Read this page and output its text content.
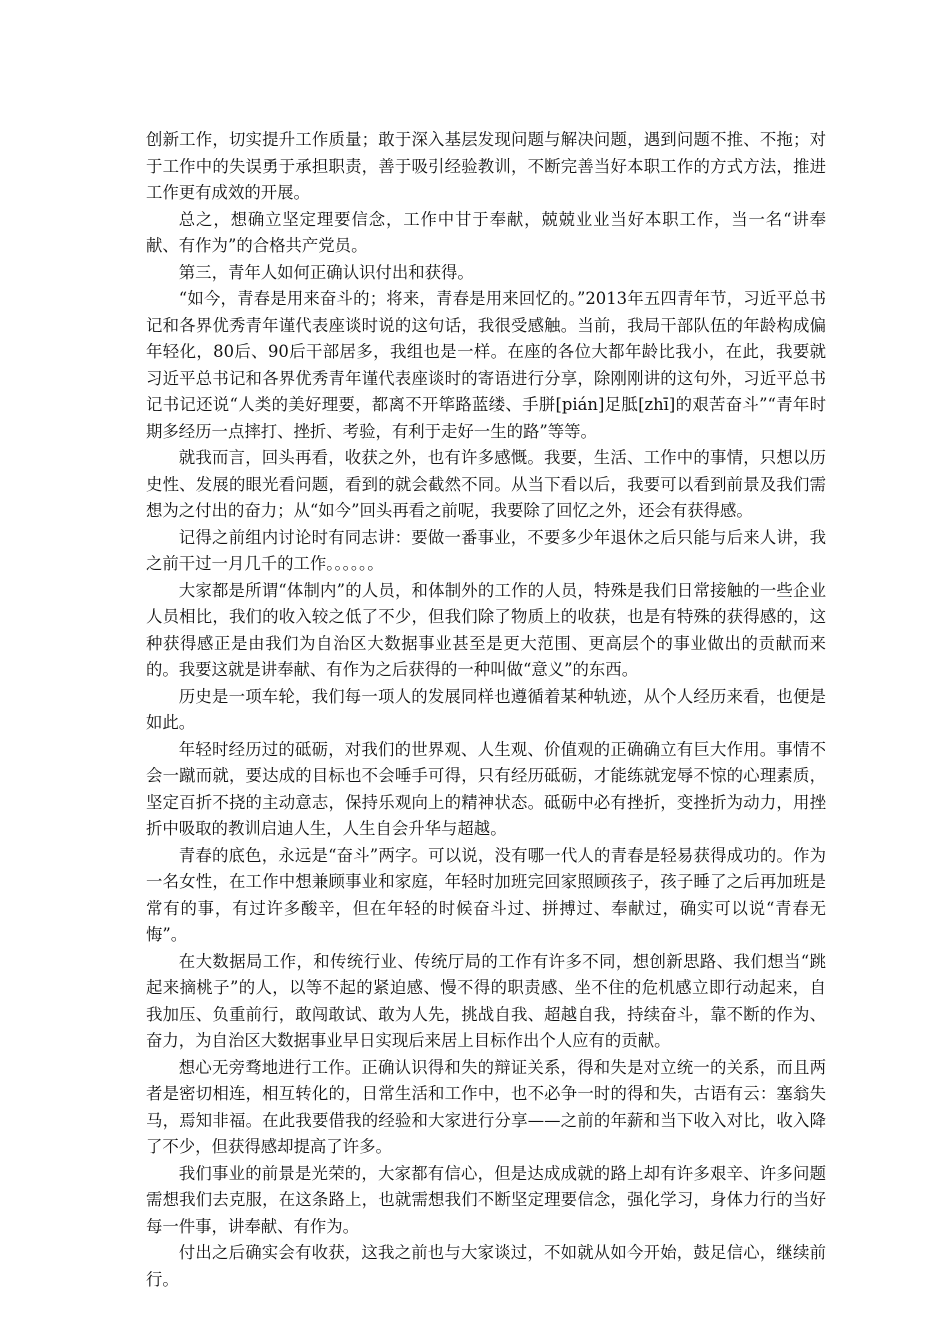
创新工作，切实提升工作质量；敢于深入基层发现问题与解决问题，遇到问题不推、不拖；对于工作中的失误勇于承担职责，善于吸引经验教训，不断完善当好本职工作的方式方法，推进工作更有成效的开展。

总之，想确立坚定理要信念，工作中甘于奉献，兢兢业业当好本职工作，当一名“讲奉献、有作为”的合格共产党员。

第三，青年人如何正确认识付出和获得。

“如今，青春是用来奋斗的；将来，青春是用来回忆的。”2013年五四青年节，习近平总书记和各界优秀青年谨代表座谈时说的这句话，我很受感触。当前，我局干部队伍的年龄构成偏年轻化，80后、90后干部居多，我组也是一样。在座的各位大都年龄比我小，在此，我要就习近平总书记和各界优秀青年谨代表座谈时的寄语进行分享，除刚刚讲的这句外，习近平总书记书记还说“人类的美好理要，都离不开筚路蓝缕、手胼[pián]足胝[zhī]的艰苦奋斗”“青年时期多经历一点摔打、挫折、考验，有利于走好一生的路”等等。

就我而言，回头再看，收获之外，也有许多感慨。我要，生活、工作中的事情，只想以历史性、发展的眼光看问题，看到的就会截然不同。从当下看以后，我要可以看到前景及我们需想为之付出的奋力；从“如今”回头再看之前呢，我要除了回忆之外，还会有获得感。

记得之前组内讨论时有同志讲：要做一番事业，不要多少年退休之后只能与后来人讲，我之前干过一月几千的工作。。。。。。

大家都是所谓“体制内”的人员，和体制外的工作的人员，特殊是我们日常接触的一些企业人员相比，我们的收入较之低了不少，但我们除了物质上的收获，也是有特殊的获得感的，这种获得感正是由我们为自治区大数据事业甚至是更大范围、更高层个的事业做出的贡献而来的。我要这就是讲奉献、有作为之后获得的一种叫做“意义”的东西。

历史是一项车轮，我们每一项人的发展同样也遵循着某种轨迹，从个人经历来看，也便是如此。

年轻时经历过的砥砺，对我们的世界观、人生观、价值观的正确确立有巨大作用。事情不会一蹴而就，要达成的目标也不会唾手可得，只有经历砥砺，才能练就宠辱不惊的心理素质，坚定百折不挠的主动意志，保持乐观向上的精神状态。砥砺中必有挫折，变挫折为动力，用挫折中吸取的教训启迪人生，人生自会升华与超越。

青春的底色，永远是“奋斗”两字。可以说，没有哪一代人的青春是轻易获得成功的。作为一名女性，在工作中想兼顾事业和家庭，年轻时加班完回家照顾孩子，孩子睡了之后再加班是常有的事，有过许多酸辛，但在年轻的时候奋斗过、拼搏过、奉献过，确实可以说“青春无悔”。

在大数据局工作，和传统行业、传统厅局的工作有许多不同，想创新思路、我们想当“跳起来摘桃子”的人，以等不起的紧迫感、慢不得的职责感、坐不住的危机感立即行动起来，自我加压、负重前行，敢闯敢试、敢为人先，挑战自我、超越自我，持续奋斗，靠不断的作为、奋力，为自治区大数据事业早日实现后来居上目标作出个人应有的贡献。

想心无旁骛地进行工作。正确认识得和失的辩证关系，得和失是对立统一的关系，而且两者是密切相连，相互转化的，日常生活和工作中，也不必争一时的得和失，古语有云：塞翁失马，焉知非福。在此我要借我的经验和大家进行分享——之前的年薪和当下收入对比，收入降了不少，但获得感却提高了许多。

我们事业的前景是光荣的，大家都有信心，但是达成成就的路上却有许多艰辛、许多问题需想我们去克服，在这条路上，也就需想我们不断坚定理要信念，强化学习，身体力行的当好每一件事，讲奉献、有作为。

付出之后确实会有收获，这我之前也与大家谈过，不如就从如今开始，鼓足信心，继续前行。
